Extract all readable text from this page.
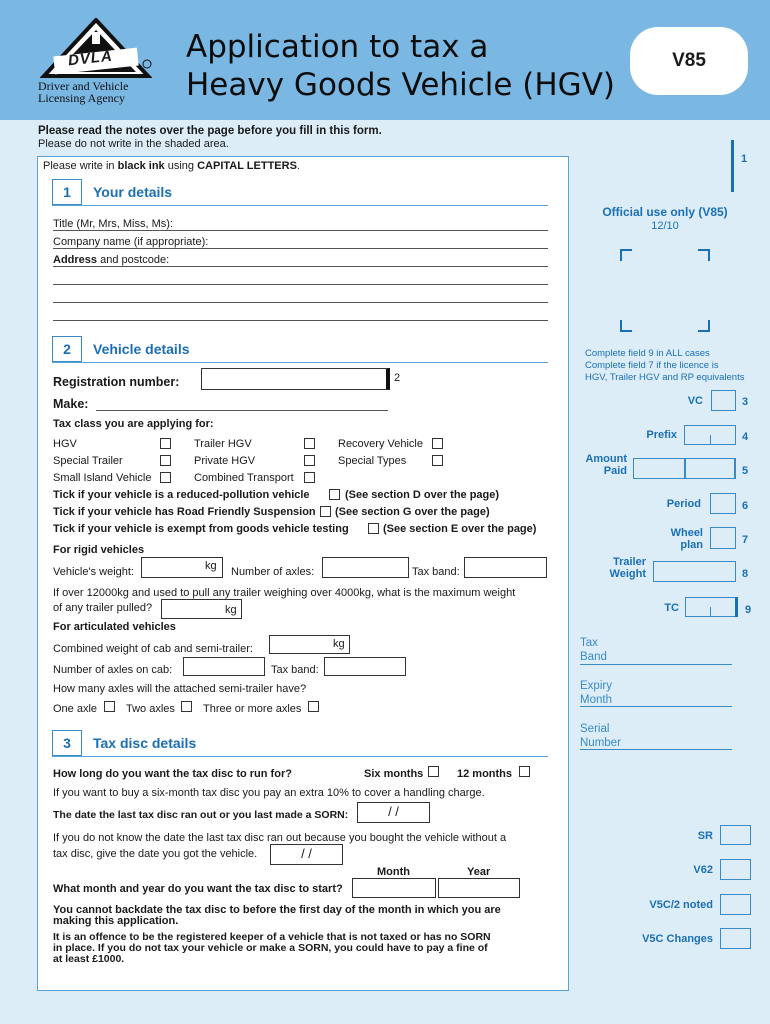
DVLA
Driver and Vehicle
Licensing Agency
Application to tax a
Heavy Goods Vehicle (HGV)
V85
Please read the notes over the page before you fill in this form.
Please do not write in the shaded area.
Please write in black ink using CAPITAL LETTERS.
1	Your details
Title (Mr, Mrs, Miss, Ms):
Company name (if appropriate):
Address and postcode:
2	Vehicle details
Registration number:	2
Make:
Tax class you are applying for:
HGV	Trailer HGV	Recovery Vehicle
Special Trailer	Private HGV	Special Types
Small Island Vehicle	Combined Transport
Tick if your vehicle is a reduced-pollution vehicle	(See section D over the page)
Tick if your vehicle has Road Friendly Suspension (See section G over the page)
Tick if your vehicle is exempt from goods vehicle testing	(See section E over the page)
For rigid vehicles
Vehicle's weight:	kg Number of axles:	Tax band:
If over 12000kg and used to pull any trailer weighing over 4000kg, what is the maximum weight
of any trailer pulled?	kg
For articulated vehicles
Combined weight of cab and semi-trailer:	kg
Number of axles on cab:	Tax band:
How many axles will the attached semi-trailer have?
One axle	Two axles	Three or more axles
3	Tax disc details
How long do you want the tax disc to run for?	Six months	12 months
If you want to buy a six-month tax disc you pay an extra 10% to cover a handling charge.
The date the last tax disc ran out or you last made a SORN:	/ /
If you do not know the date the last tax disc ran out because you bought the vehicle without a
tax disc, give the date you got the vehicle.	/ /
Month	Year
What month and year do you want the tax disc to start?
You cannot backdate the tax disc to before the first day of the month in which you are
making this application.
It is an offence to be the registered keeper of a vehicle that is not taxed or has no SORN
in place. If you do not tax your vehicle or make a SORN, you could have to pay a fine of
at least £1000.
1
Official use only (V85)
12/10
Complete field 9 in ALL cases
Complete field 7 if the licence is
HGV, Trailer HGV and RP equivalents
VC	3
Prefix	4
Amount
Paid	5
Period	6
Wheel
plan	7
Trailer
Weight	8
TC	9
Tax
Band
Expiry
Month
Serial
Number
SR
V62
V5C/2 noted
V5C Changes
